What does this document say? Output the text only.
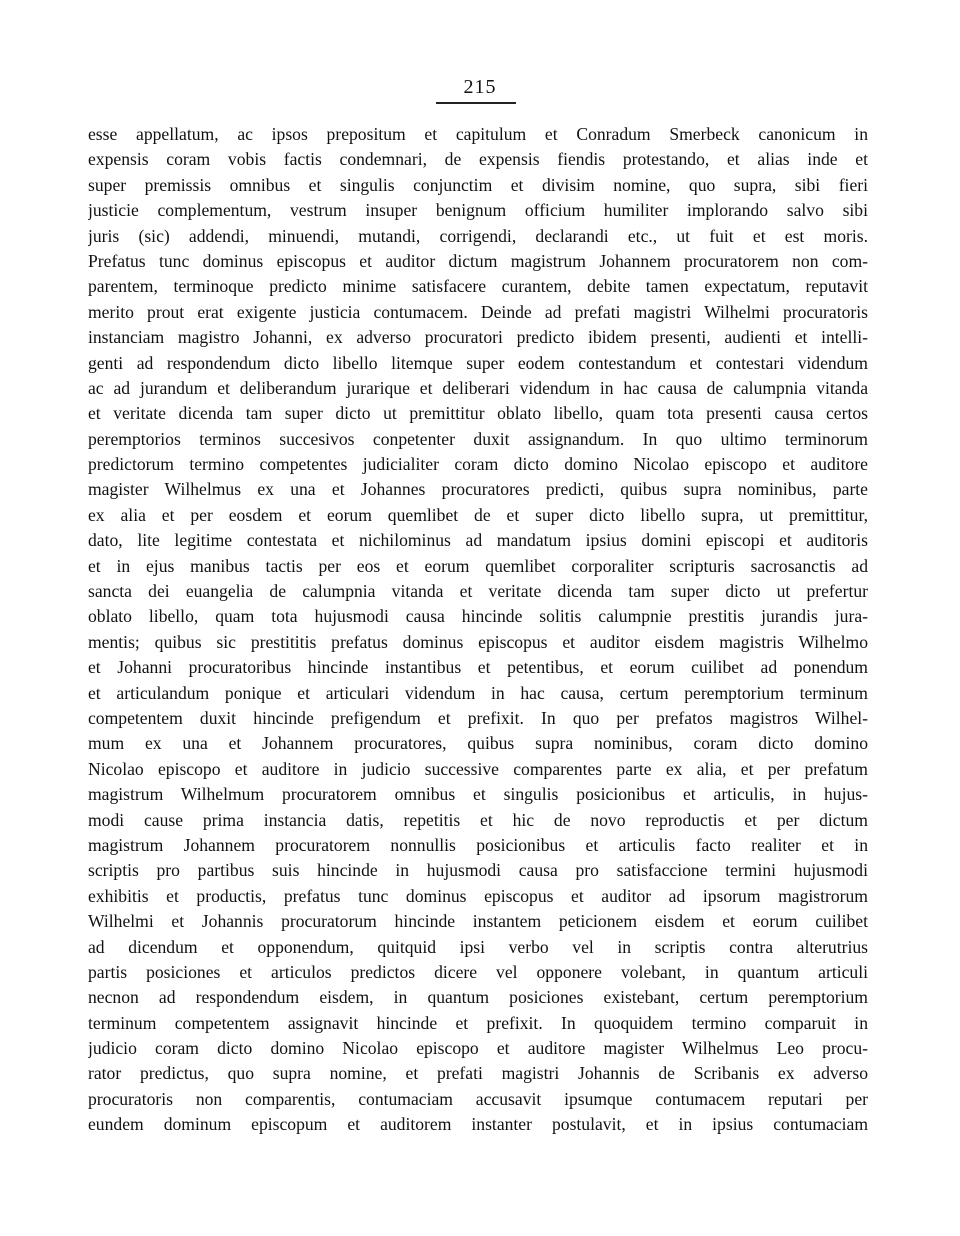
215
esse appellatum, ac ipsos prepositum et capitulum et Conradum Smerbeck canonicum in
expensis coram vobis factis condemnari, de expensis fiendis protestando, et alias inde et
super premissis omnibus et singulis conjunctim et divisim nomine, quo supra, sibi fieri
justicie complementum, vestrum insuper benignum officium humiliter implorando salvo sibi
juris (sic) addendi, minuendi, mutandi, corrigendi, declarandi etc., ut fuit et est moris.
Prefatus tunc dominus episcopus et auditor dictum magistrum Johannem procuratorem non com-
parentem, terminoque predicto minime satisfacere curantem, debite tamen expectatum, reputavit
merito prout erat exigente justicia contumacem. Deinde ad prefati magistri Wilhelmi procuratoris
instanciam magistro Johanni, ex adverso procuratori predicto ibidem presenti, audienti et intelli-
genti ad respondendum dicto libello litemque super eodem contestandum et contestari videndum
ac ad jurandum et deliberandum jurarique et deliberari videndum in hac causa de calumpnia vitanda
et veritate dicenda tam super dicto ut premittitur oblato libello, quam tota presenti causa certos
peremptorios terminos succesivos conpetenter duxit assignandum. In quo ultimo terminorum
predictorum termino competentes judicialiter coram dicto domino Nicolao episcopo et auditore
magister Wilhelmus ex una et Johannes procuratores predicti, quibus supra nominibus, parte
ex alia et per eosdem et eorum quemlibet de et super dicto libello supra, ut premittitur,
dato, lite legitime contestata et nichilominus ad mandatum ipsius domini episcopi et auditoris
et in ejus manibus tactis per eos et eorum quemlibet corporaliter scripturis sacrosanctis ad
sancta dei euangelia de calumpnia vitanda et veritate dicenda tam super dicto ut prefertur
oblato libello, quam tota hujusmodi causa hincinde solitis calumpnie prestitis jurandis jura-
mentis; quibus sic prestititis prefatus dominus episcopus et auditor eisdem magistris Wilhelmo
et Johanni procuratoribus hincinde instantibus et petentibus, et eorum cuilibet ad ponendum
et articulandum ponique et articulari videndum in hac causa, certum peremptorium terminum
competentem duxit hincinde prefigendum et prefixit. In quo per prefatos magistros Wilhel-
mum ex una et Johannem procuratores, quibus supra nominibus, coram dicto domino
Nicolao episcopo et auditore in judicio successive comparentes parte ex alia, et per prefatum
magistrum Wilhelmum procuratorem omnibus et singulis posicionibus et articulis, in hujus-
modi cause prima instancia datis, repetitis et hic de novo reproductis et per dictum
magistrum Johannem procuratorem nonnullis posicionibus et articulis facto realiter et in
scriptis pro partibus suis hincinde in hujusmodi causa pro satisfaccione termini hujusmodi
exhibitis et productis, prefatus tunc dominus episcopus et auditor ad ipsorum magistrorum
Wilhelmi et Johannis procuratorum hincinde instantem peticionem eisdem et eorum cuilibet
ad dicendum et opponendum, quitquid ipsi verbo vel in scriptis contra alterutrius
partis posiciones et articulos predictos dicere vel opponere volebant, in quantum articuli
necnon ad respondendum eisdem, in quantum posiciones existebant, certum peremptorium
terminum competentem assignavit hincinde et prefixit. In quoquidem termino comparuit in
judicio coram dicto domino Nicolao episcopo et auditore magister Wilhelmus Leo procu-
rator predictus, quo supra nomine, et prefati magistri Johannis de Scribanis ex adverso
procuratoris non comparentis, contumaciam accusavit ipsumque contumacem reputari per
eundem dominum episcopum et auditorem instanter postulavit, et in ipsius contumaciam
